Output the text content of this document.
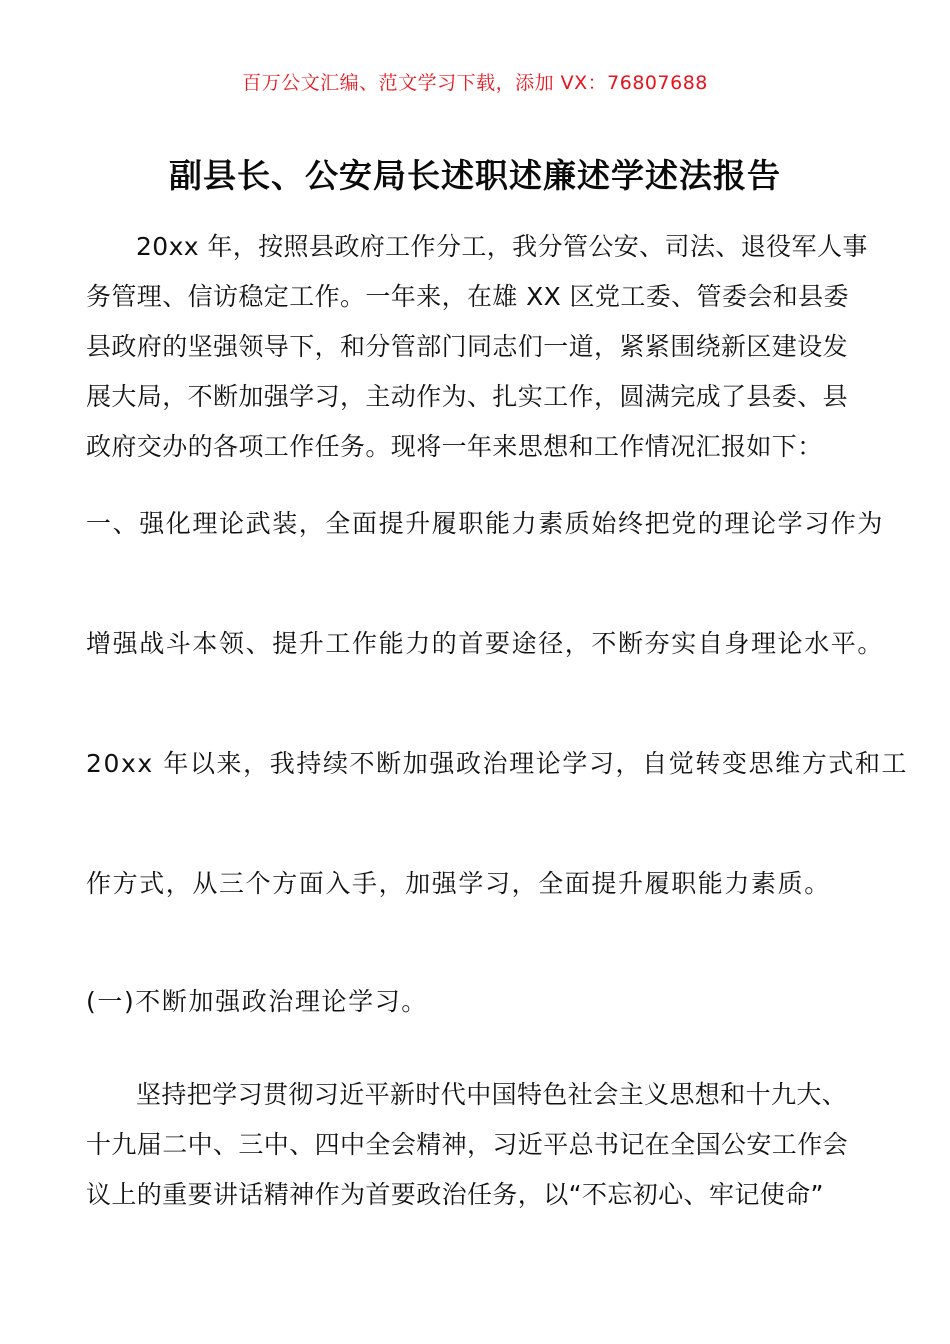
百万公文汇编、范文学习下载，添加 VX：76807688
副县长、公安局长述职述廉述学述法报告
20xx 年，按照县政府工作分工，我分管公安、司法、退役军人事
务管理、信访稳定工作。一年来，在雄 XX 区党工委、管委会和县委
县政府的坚强领导下，和分管部门同志们一道，紧紧围绕新区建设发
展大局，不断加强学习，主动作为、扎实工作，圆满完成了县委、县
政府交办的各项工作任务。现将一年来思想和工作情况汇报如下：
一、强化理论武装，全面提升履职能力素质始终把党的理论学习作为
增强战斗本领、提升工作能力的首要途径，不断夯实自身理论水平。
20xx 年以来，我持续不断加强政治理论学习，自觉转变思维方式和工
作方式，从三个方面入手，加强学习，全面提升履职能力素质。
(一)不断加强政治理论学习。
坚持把学习贯彻习近平新时代中国特色社会主义思想和十九大、
十九届二中、三中、四中全会精神，习近平总书记在全国公安工作会
议上的重要讲话精神作为首要政治任务，以“不忘初心、牢记使命”
